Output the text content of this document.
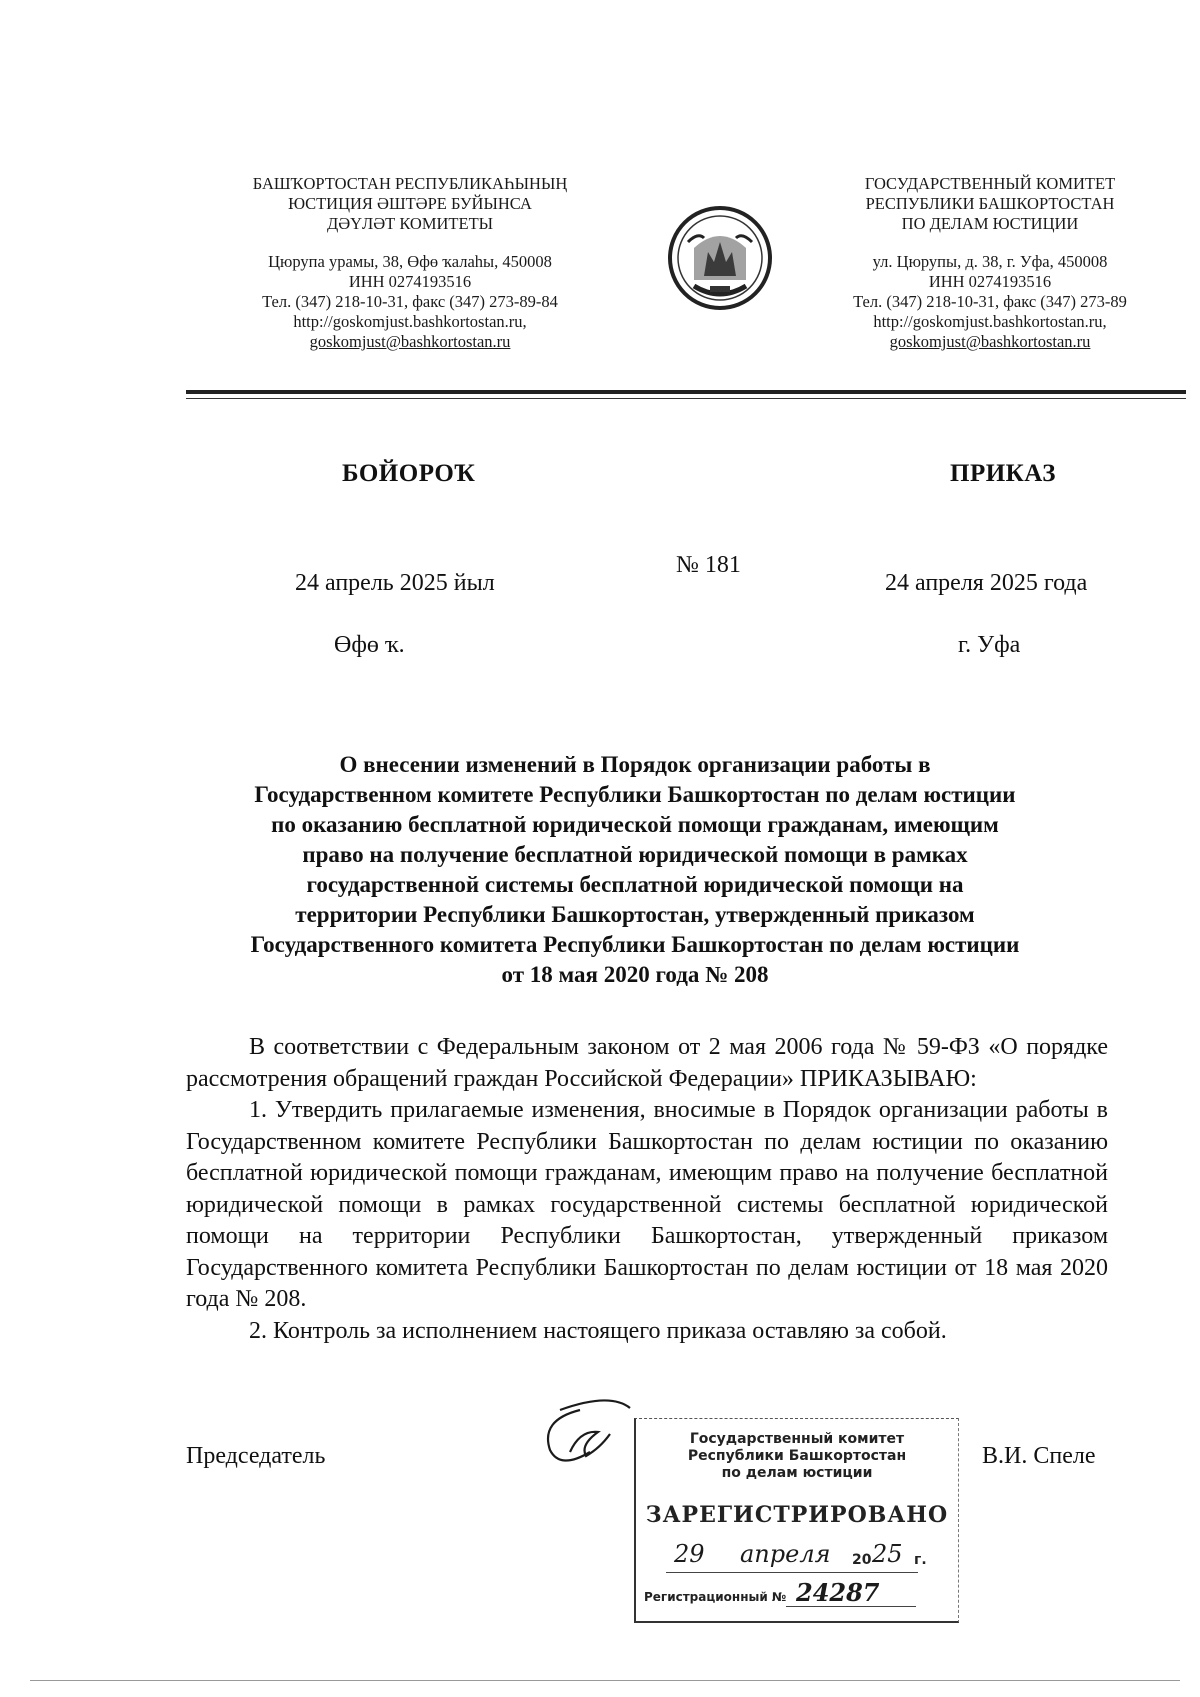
БАШҠОРТОСТАН РЕСПУБЛИКАҺЫНЫҢ
ЮСТИЦИЯ ӘШТӘРЕ БУЙЫНСА
ДӘҮЛӘТ КОМИТЕТЫ
Цюрупа урамы, 38, Өфө ҡалаһы, 450008
ИНН 0274193516
Тел. (347) 218-10-31, факс (347) 273-89-84
http://goskomjust.bashkortostan.ru,
goskomjust@bashkortostan.ru
ГОСУДАРСТВЕННЫЙ КОМИТЕТ
РЕСПУБЛИКИ БАШКОРТОСТАН
ПО ДЕЛАМ ЮСТИЦИИ
ул. Цюрупы, д. 38, г. Уфа, 450008
ИНН 0274193516
Тел. (347) 218-10-31, факс (347) 273-89
http://goskomjust.bashkortostan.ru,
goskomjust@bashkortostan.ru
БОЙОРОҠ	ПРИКАЗ
24 апрель 2025 йыл
№ 181
24 апреля 2025 года
Өфө ҡ.	г. Уфа
О внесении изменений в Порядок организации работы в
Государственном комитете Республики Башкортостан по делам юстиции
по оказанию бесплатной юридической помощи гражданам, имеющим
право на получение бесплатной юридической помощи в рамках
государственной системы бесплатной юридической помощи на
территории Республики Башкортостан, утвержденный приказом
Государственного комитета Республики Башкортостан по делам юстиции
от 18 мая 2020 года № 208

В соответствии с Федеральным законом от 2 мая 2006 года № 59-ФЗ «О порядке рассмотрения обращений граждан Российской Федерации» ПРИКАЗЫВАЮ:

1. Утвердить прилагаемые изменения, вносимые в Порядок организации работы в Государственном комитете Республики Башкортостан по делам юстиции по оказанию бесплатной юридической помощи гражданам, имеющим право на получение бесплатной юридической помощи в рамках государственной системы бесплатной юридической помощи на территории Республики Башкортостан, утвержденный приказом Государственного комитета Республики Башкортостан по делам юстиции от 18 мая 2020 года № 208.

2. Контроль за исполнением настоящего приказа оставляю за собой.

Председатель	В.И. Спеле
Государственный комитет
Республики Башкортостан
по делам юстиции
ЗАРЕГИСТРИРОВАНО
29 апреля 20 25 г.
Регистрационный № 24287
